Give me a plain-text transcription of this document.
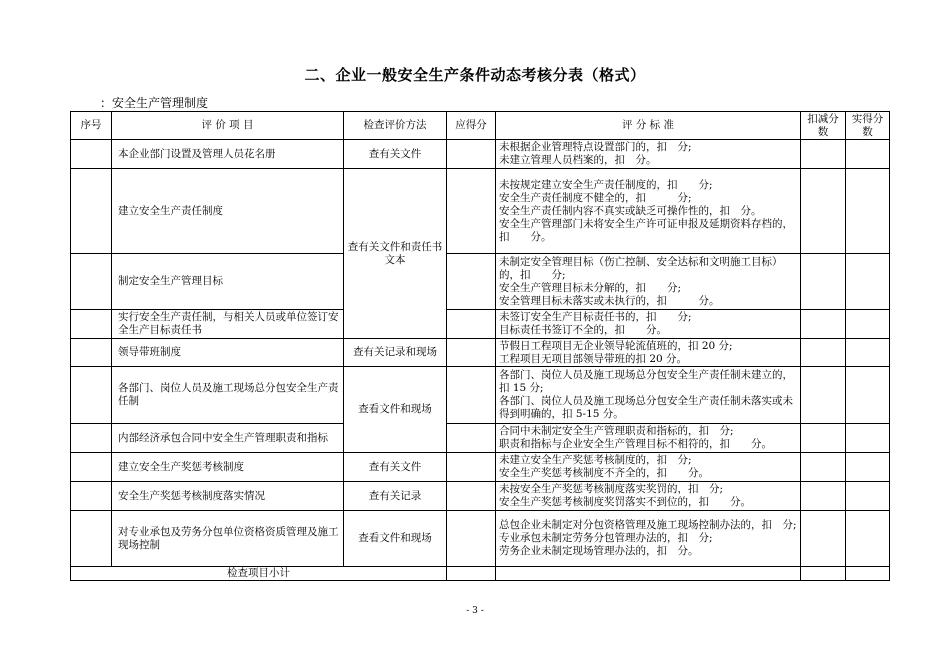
二、企业一般安全生产条件动态考核分表（格式）
：安全生产管理制度
序号	评 价 项 目	检查评价方法	应得分	评 分 标 准	扣减分数	实得分数
	本企业部门设置及管理人员花名册	查有关文件		未根据企业管理特点设置部门的，扣　分;
未建立管理人员档案的，扣　分。		

	建立安全生产责任制度	查有关文件和责任书文本		未按规定建立安全生产责任制度的，扣　　分;
安全生产责任制度不健全的，扣　　　分;
安全生产责任制内容不真实或缺乏可操作性的，扣　分。
安全生产管理部门未将安全生产许可证申报及延期资料存档的，扣　　分。		

	制定安全生产管理目标			未制定安全管理目标（伤亡控制、安全达标和文明施工目标）的，扣　　分;
安全生产管理目标未分解的，扣　　分;
安全管理目标未落实或未执行的，扣　　　分。		

	实行安全生产责任制，与相关人员或单位签订安全生产目标责任书			未签订安全生产目标责任书的，扣　　分;
目标责任书签订不全的，扣　　分。		

	领导带班制度	查有关记录和现场		节假日工程项目无企业领导轮流值班的，扣 20 分;
工程项目无项目部领导带班的扣 20 分。		

	各部门、岗位人员及施工现场总分包安全生产责任制	查看文件和现场		各部门、岗位人员及施工现场总分包安全生产责任制未建立的，扣 15 分;
各部门、岗位人员及施工现场总分包安全生产责任制未落实或未得到明确的，扣 5-15 分。		

	内部经济承包合同中安全生产管理职责和指标			合同中未制定安全生产管理职责和指标的，扣　分;
职责和指标与企业安全生产管理目标不相符的，扣　　分。		

	建立安全生产奖惩考核制度	查有关文件		未建立安全生产奖惩考核制度的，扣　分;
安全生产奖惩考核制度不齐全的，扣　　分。		

	安全生产奖惩考核制度落实情况	查有关记录		未按安全生产奖惩考核制度落实奖罚的，扣　分;
安全生产奖惩考核制度奖罚落实不到位的，扣　　分。		

	对专业承包及劳务分包单位资格资质管理及施工现场控制	查看文件和现场		总包企业未制定对分包资格管理及施工现场控制办法的，扣　分;
专业承包未制定劳务分包管理办法的，扣　分;
劳务企业未制定现场管理办法的，扣　分。		

检查项目小计						
- 3 -
